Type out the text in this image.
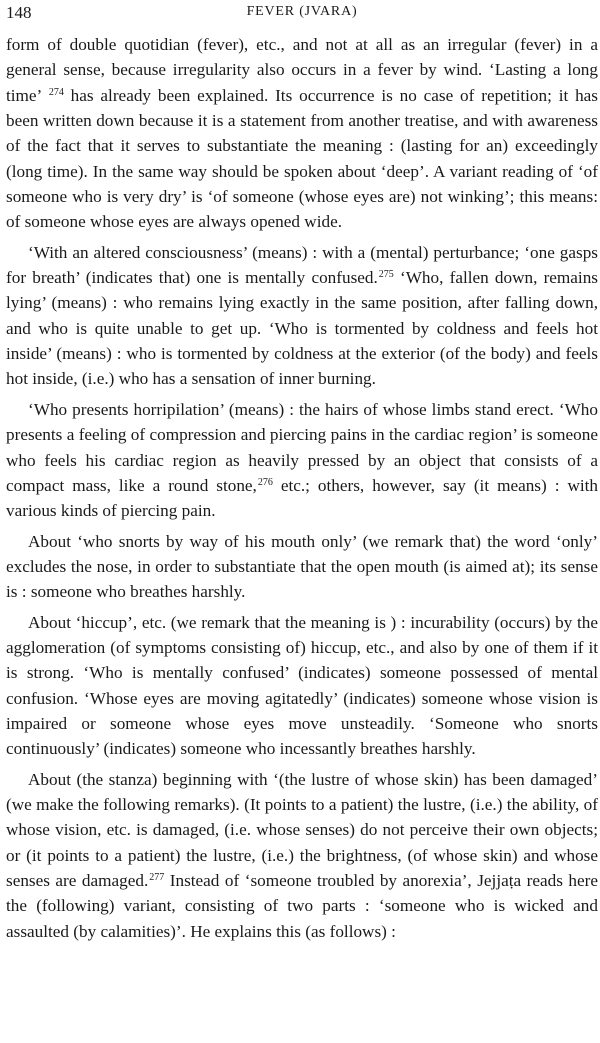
148	FEVER (JVARA)

form of double quotidian (fever), etc., and not at all as an irregular (fever) in a general sense, because irregularity also occurs in a fever by wind. ‘Lasting a long time’ $^{274}$ has already been explained. Its occurrence is no case of repetition; it has been written down because it is a statement from another treatise, and with awareness of the fact that it serves to substantiate the meaning : (lasting for an) exceedingly (long time). In the same way should be spoken about ‘deep’. A variant reading of ‘of someone who is very dry’ is ‘of someone (whose eyes are) not winking’; this means: of someone whose eyes are always opened wide.

‘With an altered consciousness’ (means) : with a (mental) perturbance; ‘one gasps for breath’ (indicates that) one is mentally confused.$^{275}$ ‘Who, fallen down, remains lying’ (means) : who remains lying exactly in the same position, after falling down, and who is quite unable to get up. ‘Who is tormented by coldness and feels hot inside’ (means) : who is tormented by coldness at the exterior (of the body) and feels hot inside, (i.e.) who has a sensation of inner burning.

‘Who presents horripilation’ (means) : the hairs of whose limbs stand erect. ‘Who presents a feeling of compression and piercing pains in the cardiac region’ is someone who feels his cardiac region as heavily pressed by an object that consists of a compact mass, like a round stone,$^{276}$ etc.; others, however, say (it means) : with various kinds of piercing pain.

About ‘who snorts by way of his mouth only’ (we remark that) the word ‘only’ excludes the nose, in order to substantiate that the open mouth (is aimed at); its sense is : someone who breathes harshly.

About ‘hiccup’, etc. (we remark that the meaning is ) : incurability (occurs) by the agglomeration (of symptoms consisting of) hiccup, etc., and also by one of them if it is strong. ‘Who is mentally confused’ (indicates) someone possessed of mental confusion. ‘Whose eyes are moving agitatedly’ (indicates) someone whose vision is impaired or someone whose eyes move unsteadily. ‘Someone who snorts continuously’ (indicates) someone who incessantly breathes harshly.

About (the stanza) beginning with ‘(the lustre of whose skin) has been damaged’ (we make the following remarks). (It points to a patient) the lustre, (i.e.) the ability, of whose vision, etc. is damaged, (i.e. whose senses) do not perceive their own objects; or (it points to a patient) the lustre, (i.e.) the brightness, (of whose skin) and whose senses are damaged.$^{277}$ Instead of ‘someone troubled by anorexia’, Jejjaṭa reads here the (following) variant, consisting of two parts : ‘someone who is wicked and assaulted (by calamities)’. He explains this (as follows) :
